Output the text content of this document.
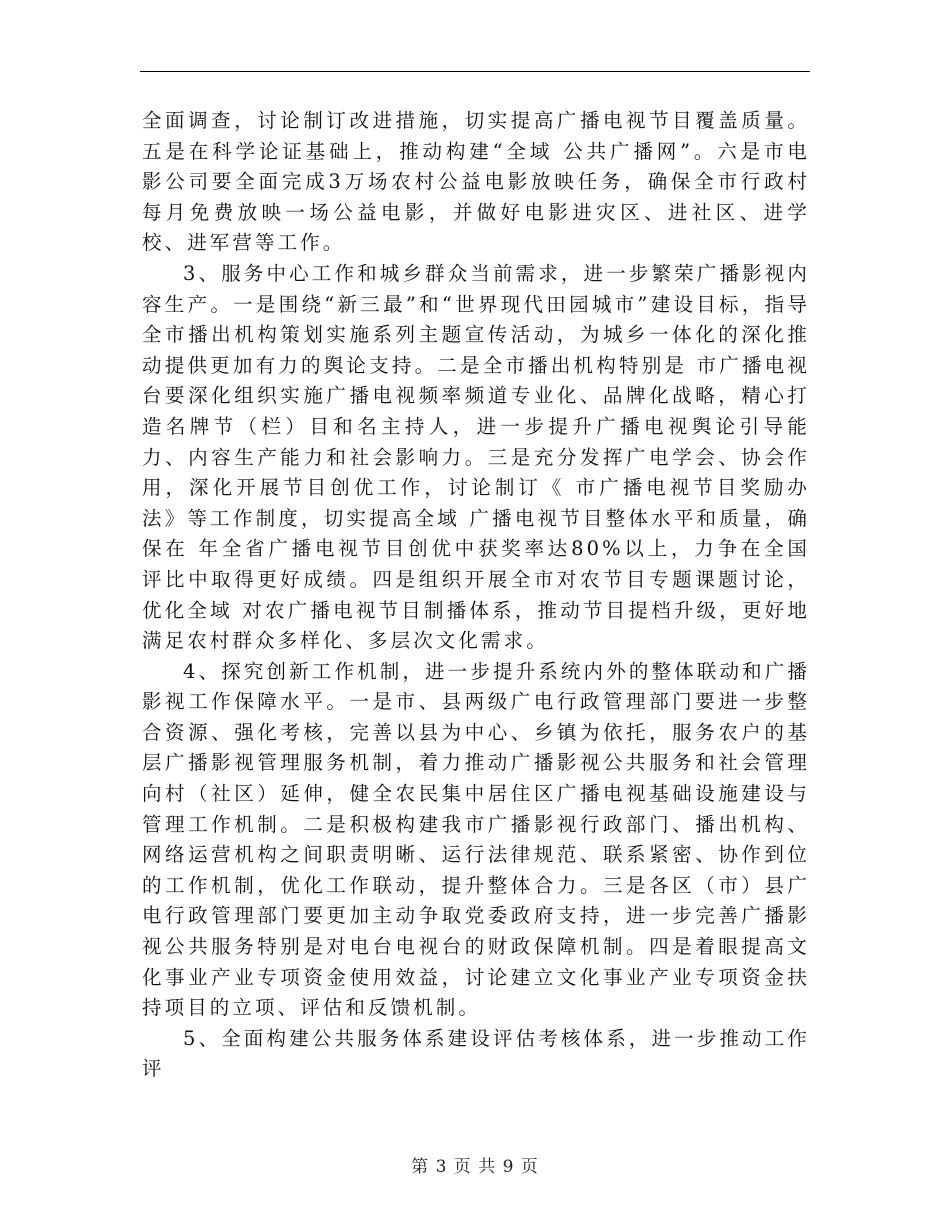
全面调查，讨论制订改进措施，切实提高广播电视节目覆盖质量。五是在科学论证基础上，推动构建“全域 公共广播网”。六是市电影公司要全面完成3万场农村公益电影放映任务，确保全市行政村每月免费放映一场公益电影，并做好电影进灾区、进社区、进学校、进军营等工作。

3、服务中心工作和城乡群众当前需求，进一步繁荣广播影视内容生产。一是围绕“新三最”和“世界现代田园城市”建设目标，指导全市播出机构策划实施系列主题宣传活动，为城乡一体化的深化推动提供更加有力的舆论支持。二是全市播出机构特别是 市广播电视台要深化组织实施广播电视频率频道专业化、品牌化战略，精心打造名牌节（栏）目和名主持人，进一步提升广播电视舆论引导能力、内容生产能力和社会影响力。三是充分发挥广电学会、协会作用，深化开展节目创优工作，讨论制订《 市广播电视节目奖励办法》等工作制度，切实提高全域 广播电视节目整体水平和质量，确保在 年全省广播电视节目创优中获奖率达80%以上，力争在全国评比中取得更好成绩。四是组织开展全市对农节目专题课题讨论，优化全域 对农广播电视节目制播体系，推动节目提档升级，更好地满足农村群众多样化、多层次文化需求。

4、探究创新工作机制，进一步提升系统内外的整体联动和广播影视工作保障水平。一是市、县两级广电行政管理部门要进一步整合资源、强化考核，完善以县为中心、乡镇为依托，服务农户的基层广播影视管理服务机制，着力推动广播影视公共服务和社会管理向村（社区）延伸，健全农民集中居住区广播电视基础设施建设与管理工作机制。二是积极构建我市广播影视行政部门、播出机构、网络运营机构之间职责明晰、运行法律规范、联系紧密、协作到位的工作机制，优化工作联动，提升整体合力。三是各区（市）县广电行政管理部门要更加主动争取党委政府支持，进一步完善广播影视公共服务特别是对电台电视台的财政保障机制。四是着眼提高文化事业产业专项资金使用效益，讨论建立文化事业产业专项资金扶持项目的立项、评估和反馈机制。

5、全面构建公共服务体系建设评估考核体系，进一步推动工作评

第 3 页 共 9 页
